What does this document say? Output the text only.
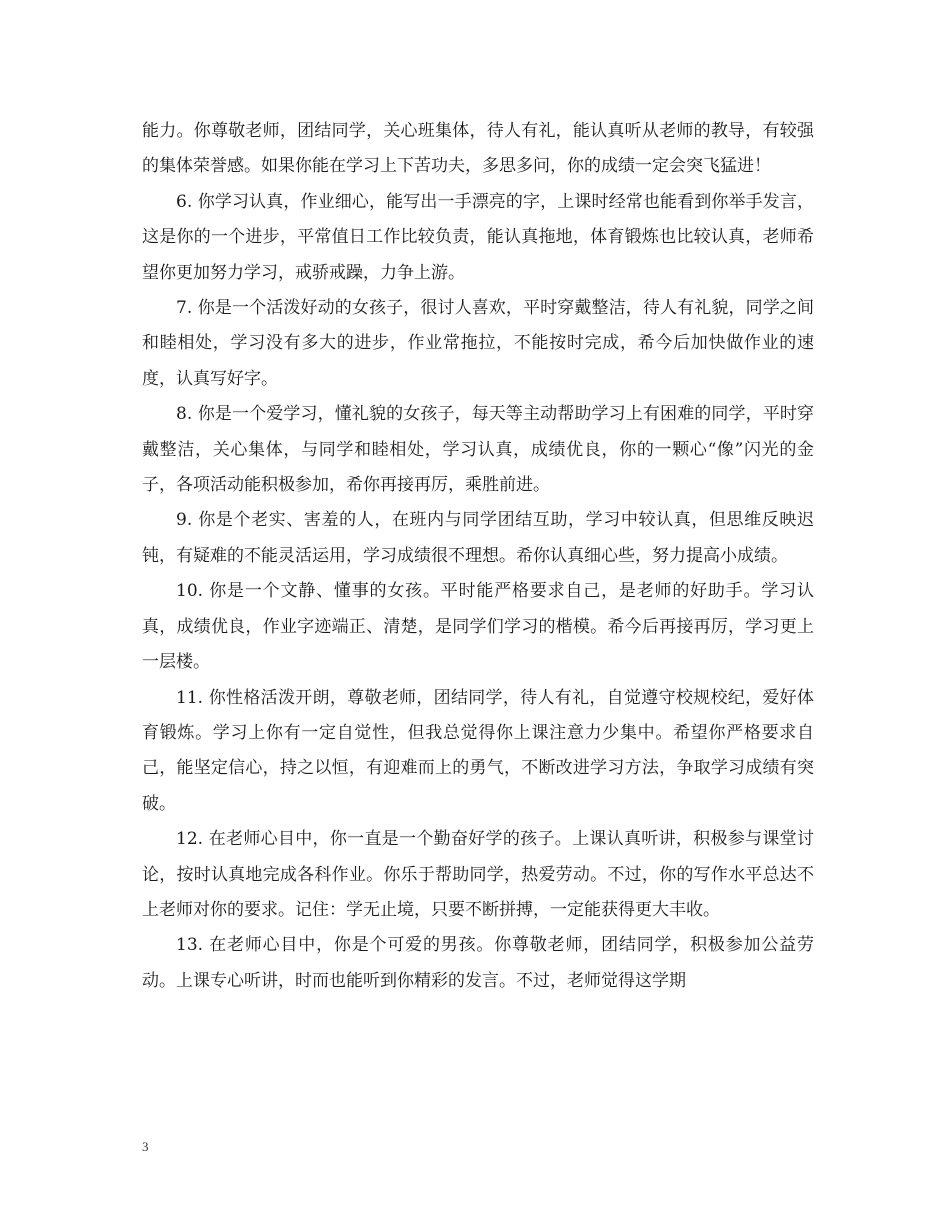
能力。你尊敬老师，团结同学，关心班集体，待人有礼，能认真听从老师的教导，有较强的集体荣誉感。如果你能在学习上下苦功夫，多思多问，你的成绩一定会突飞猛进！

6. 你学习认真，作业细心，能写出一手漂亮的字，上课时经常也能看到你举手发言，这是你的一个进步，平常值日工作比较负责，能认真拖地，体育锻炼也比较认真，老师希望你更加努力学习，戒骄戒躁，力争上游。

7. 你是一个活泼好动的女孩子，很讨人喜欢，平时穿戴整洁，待人有礼貌，同学之间和睦相处，学习没有多大的进步，作业常拖拉，不能按时完成，希今后加快做作业的速度，认真写好字。

8. 你是一个爱学习，懂礼貌的女孩子，每天等主动帮助学习上有困难的同学，平时穿戴整洁，关心集体，与同学和睦相处，学习认真，成绩优良，你的一颗心“像”闪光的金子，各项活动能积极参加，希你再接再厉，乘胜前进。

9. 你是个老实、害羞的人，在班内与同学团结互助，学习中较认真，但思维反映迟钝，有疑难的不能灵活运用，学习成绩很不理想。希你认真细心些，努力提高小成绩。

10. 你是一个文静、懂事的女孩。平时能严格要求自己，是老师的好助手。学习认真，成绩优良，作业字迹端正、清楚，是同学们学习的楷模。希今后再接再厉，学习更上一层楼。

11. 你性格活泼开朗，尊敬老师，团结同学，待人有礼，自觉遵守校规校纪，爱好体育锻炼。学习上你有一定自觉性，但我总觉得你上课注意力少集中。希望你严格要求自己，能坚定信心，持之以恒，有迎难而上的勇气，不断改进学习方法，争取学习成绩有突破。

12. 在老师心目中，你一直是一个勤奋好学的孩子。上课认真听讲，积极参与课堂讨论，按时认真地完成各科作业。你乐于帮助同学，热爱劳动。不过，你的写作水平总达不上老师对你的要求。记住：学无止境，只要不断拼搏，一定能获得更大丰收。

13. 在老师心目中，你是个可爱的男孩。你尊敬老师，团结同学，积极参加公益劳动。上课专心听讲，时而也能听到你精彩的发言。不过，老师觉得这学期

3
